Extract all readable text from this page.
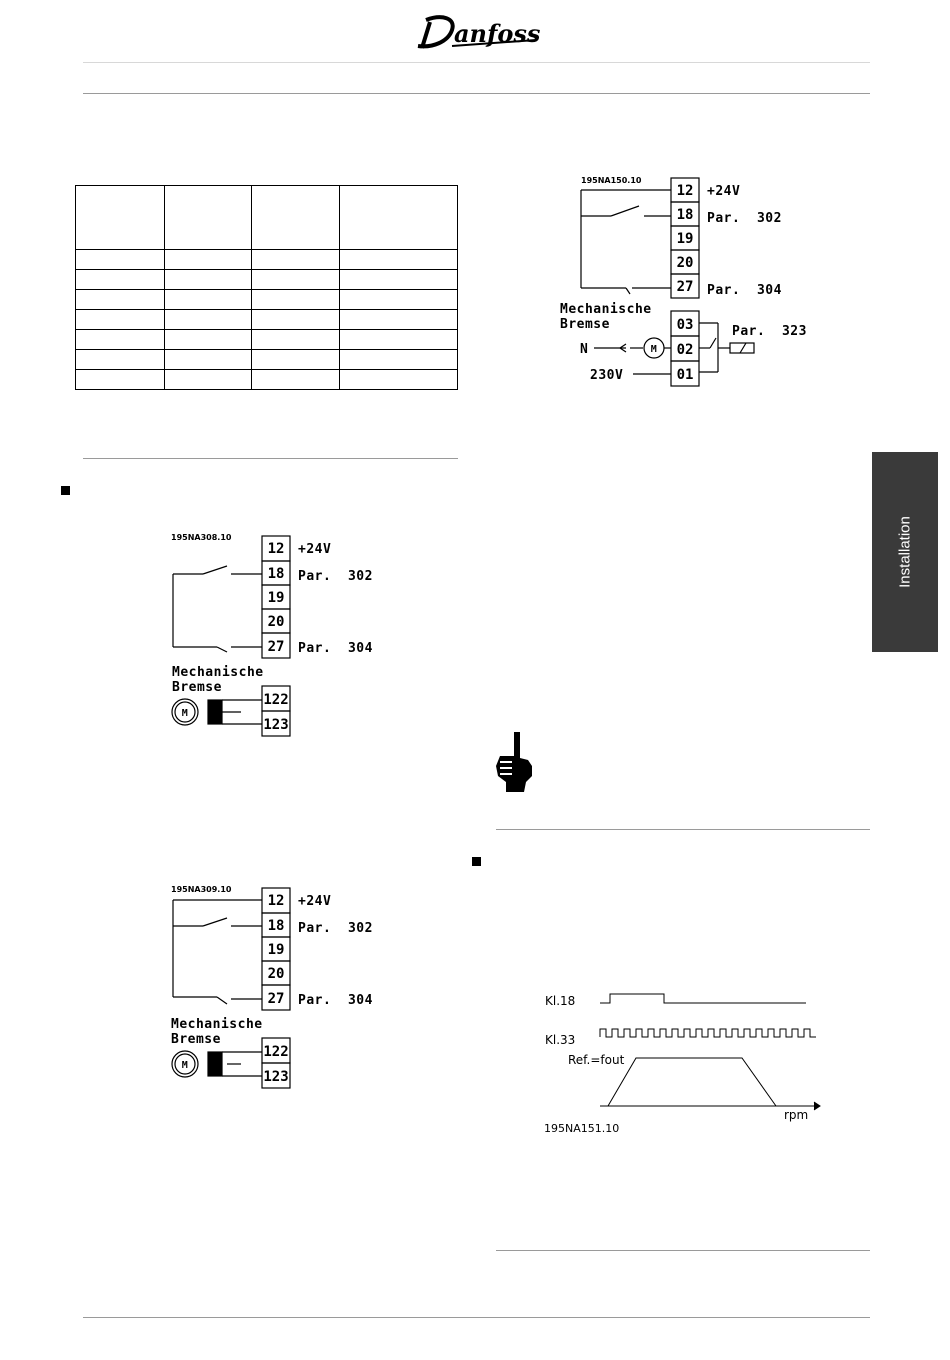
anfoss
Installation

195NA150.10
12
18
19
20
27
03
02
01
+24V
Par.  302
Par.  304
Par.  323
Mechanische
Bremse
N
230V
M
195NA308.10
12
18
19
20
27
122
123
+24V
Par.  302
Par.  304
Mechanische
Bremse
M
195NA309.10
12
18
19
20
27
122
123
+24V
Par.  302
Par.  304
Mechanische
Bremse
M
Kl.18
Kl.33
Ref.=fout
rpm
195NA151.10
